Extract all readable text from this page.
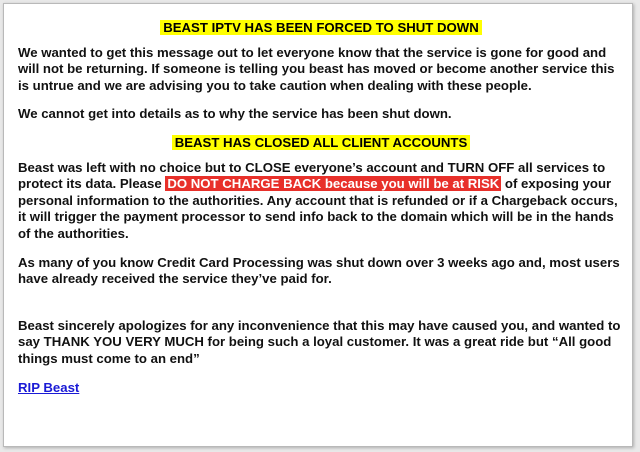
BEAST IPTV HAS BEEN FORCED TO SHUT DOWN

We wanted to get this message out to let everyone know that the service is gone for good and will not be returning. If someone is telling you beast has moved or become another service this is untrue and we are advising you to take caution when dealing with these people.

We cannot get into details as to why the service has been shut down.

BEAST HAS CLOSED ALL CLIENT ACCOUNTS

Beast was left with no choice but to CLOSE everyone’s account and TURN OFF all services to protect its data. Please DO NOT CHARGE BACK because you will be at RISK of exposing your personal information to the authorities. Any account that is refunded or if a Chargeback occurs, it will trigger the payment processor to send info back to the domain which will be in the hands of the authorities.

As many of you know Credit Card Processing was shut down over 3 weeks ago and, most users have already received the service they’ve paid for.

Beast sincerely apologizes for any inconvenience that this may have caused you, and wanted to say THANK YOU VERY MUCH for being such a loyal customer. It was a great ride but “All good things must come to an end”

RIP Beast
